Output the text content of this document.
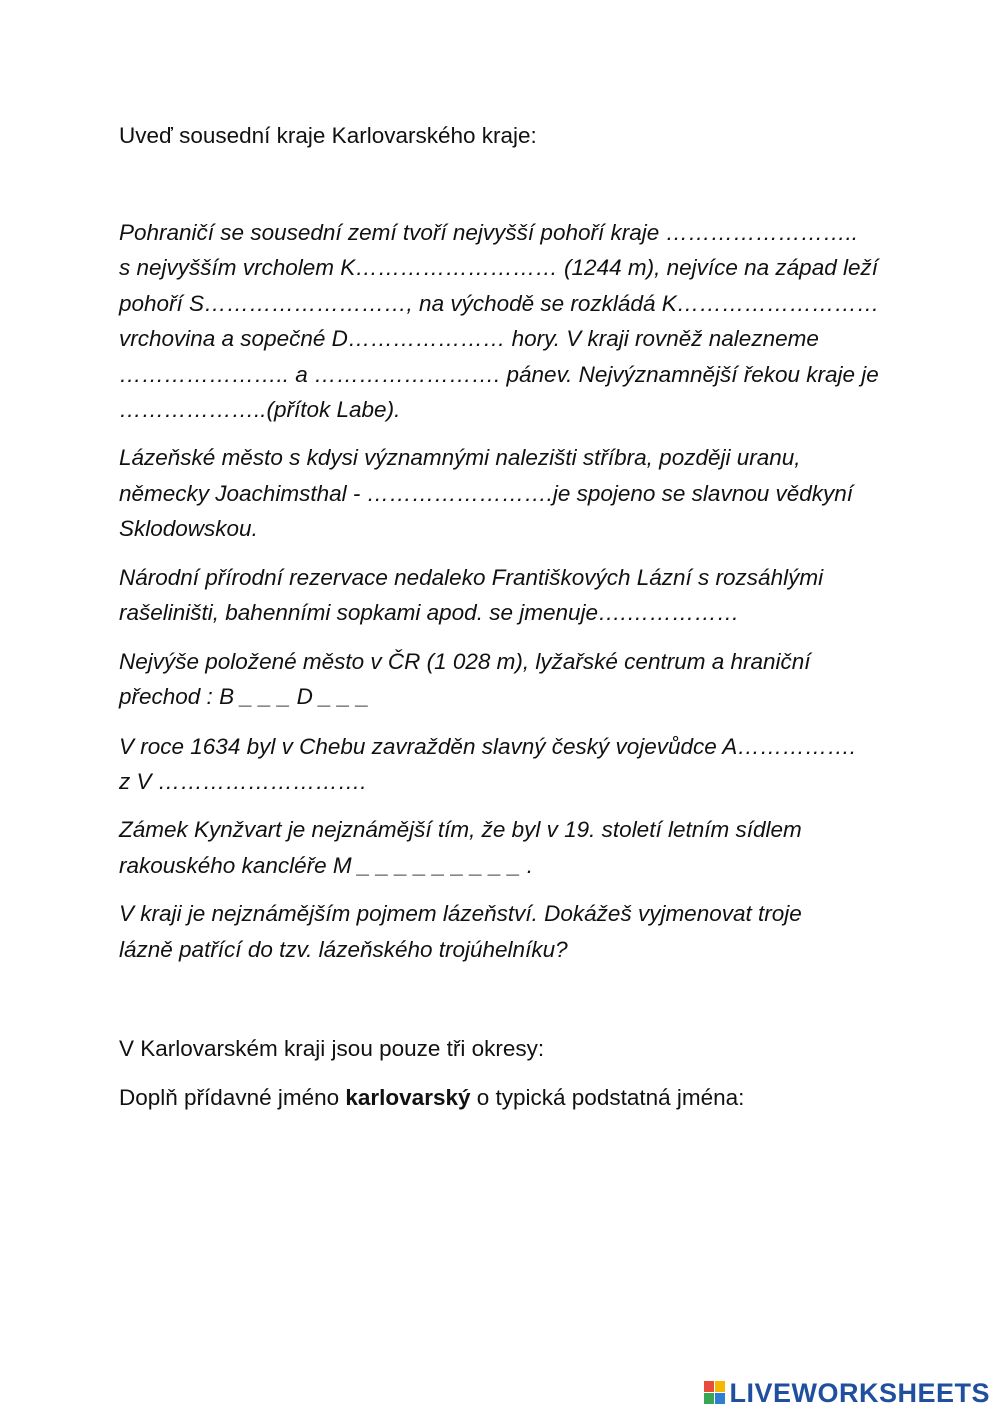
Uveď sousední kraje Karlovarského kraje:

Pohraničí se sousední zemí tvoří nejvyšší pohoří kraje ……………………..

s nejvyšším vrcholem K……………………… (1244 m), nejvíce na západ leží

pohoří S………………………, na východě se rozkládá K………………………

vrchovina a sopečné D………………… hory. V kraji rovněž nalezneme

………………….. a ……………………. pánev. Nejvýznamnější řekou kraje je

………………..(přítok Labe).

Lázeňské město s kdysi významnými nalezišti stříbra, později uranu,

německy Joachimsthal - …………………….je spojeno se slavnou vědkyní

Sklodowskou.

Národní přírodní rezervace nedaleko Františkových Lázní s rozsáhlými

rašeliništi, bahenními sopkami apod. se jmenuje….……………

Nejvýše položené město v ČR (1 028 m), lyžařské centrum a hraniční

přechod : B _ _ _ D _ _ _

V roce 1634 byl v Chebu zavražděn slavný český vojevůdce A…………….

z V ……………………….

Zámek Kynžvart je nejznámější tím, že byl v 19. století letním sídlem

rakouského kancléře M _ _ _ _ _ _ _ _ _ .

V kraji je nejznámějším pojmem lázeňství. Dokážeš vyjmenovat troje

lázně patřící do tzv. lázeňského trojúhelníku?

V Karlovarském kraji jsou pouze tři okresy:

Doplň přídavné jméno karlovarský o typická podstatná jména:

LIVEWORKSHEETS
